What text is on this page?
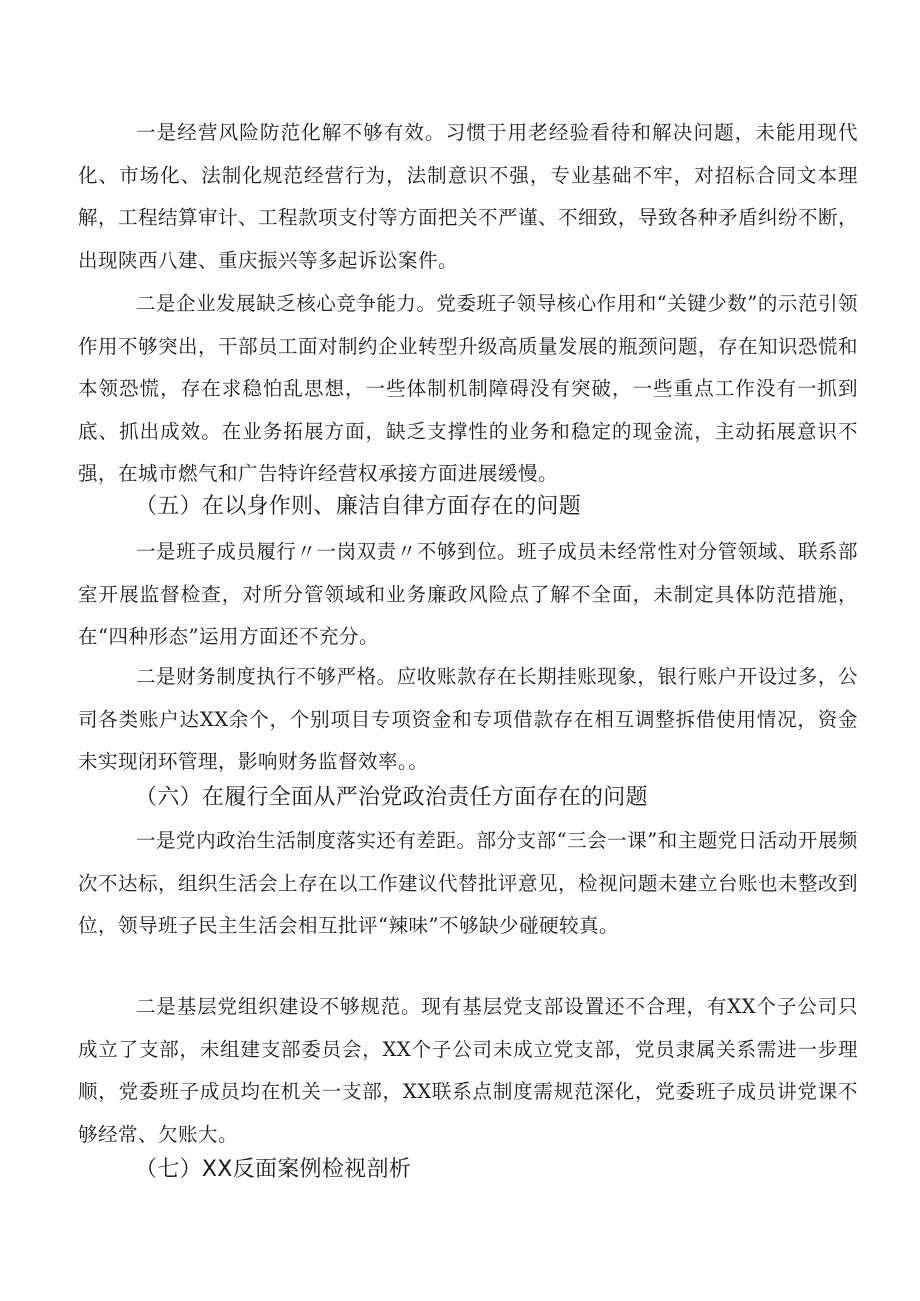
一是经营风险防范化解不够有效。习惯于用老经验看待和解决问题，未能用现代化、市场化、法制化规范经营行为，法制意识不强，专业基础不牢，对招标合同文本理解，工程结算审计、工程款项支付等方面把关不严谨、不细致，导致各种矛盾纠纷不断，出现陕西八建、重庆振兴等多起诉讼案件。

二是企业发展缺乏核心竞争能力。党委班子领导核心作用和“关键少数”的示范引领作用不够突出，干部员工面对制约企业转型升级高质量发展的瓶颈问题，存在知识恐慌和本领恐慌，存在求稳怕乱思想，一些体制机制障碍没有突破，一些重点工作没有一抓到底、抓出成效。在业务拓展方面，缺乏支撑性的业务和稳定的现金流，主动拓展意识不强，在城市燃气和广告特许经营权承接方面进展缓慢。

（五）在以身作则、廉洁自律方面存在的问题

一是班子成员履行〃一岗双责〃不够到位。班子成员未经常性对分管领域、联系部室开展监督检查，对所分管领域和业务廉政风险点了解不全面，未制定具体防范措施，在“四种形态”运用方面还不充分。

二是财务制度执行不够严格。应收账款存在长期挂账现象，银行账户开设过多，公司各类账户达XX余个，个别项目专项资金和专项借款存在相互调整拆借使用情况，资金未实现闭环管理，影响财务监督效率。。

（六）在履行全面从严治党政治责任方面存在的问题

一是党内政治生活制度落实还有差距。部分支部“三会一课”和主题党日活动开展频次不达标，组织生活会上存在以工作建议代替批评意见，检视问题未建立台账也未整改到位，领导班子民主生活会相互批评“辣味”不够缺少碰硬较真。

二是基层党组织建设不够规范。现有基层党支部设置还不合理，有XX个子公司只成立了支部，未组建支部委员会，XX个子公司未成立党支部，党员隶属关系需进一步理顺，党委班子成员均在机关一支部，XX联系点制度需规范深化，党委班子成员讲党课不够经常、欠账大。

（七）XX反面案例检视剖析
